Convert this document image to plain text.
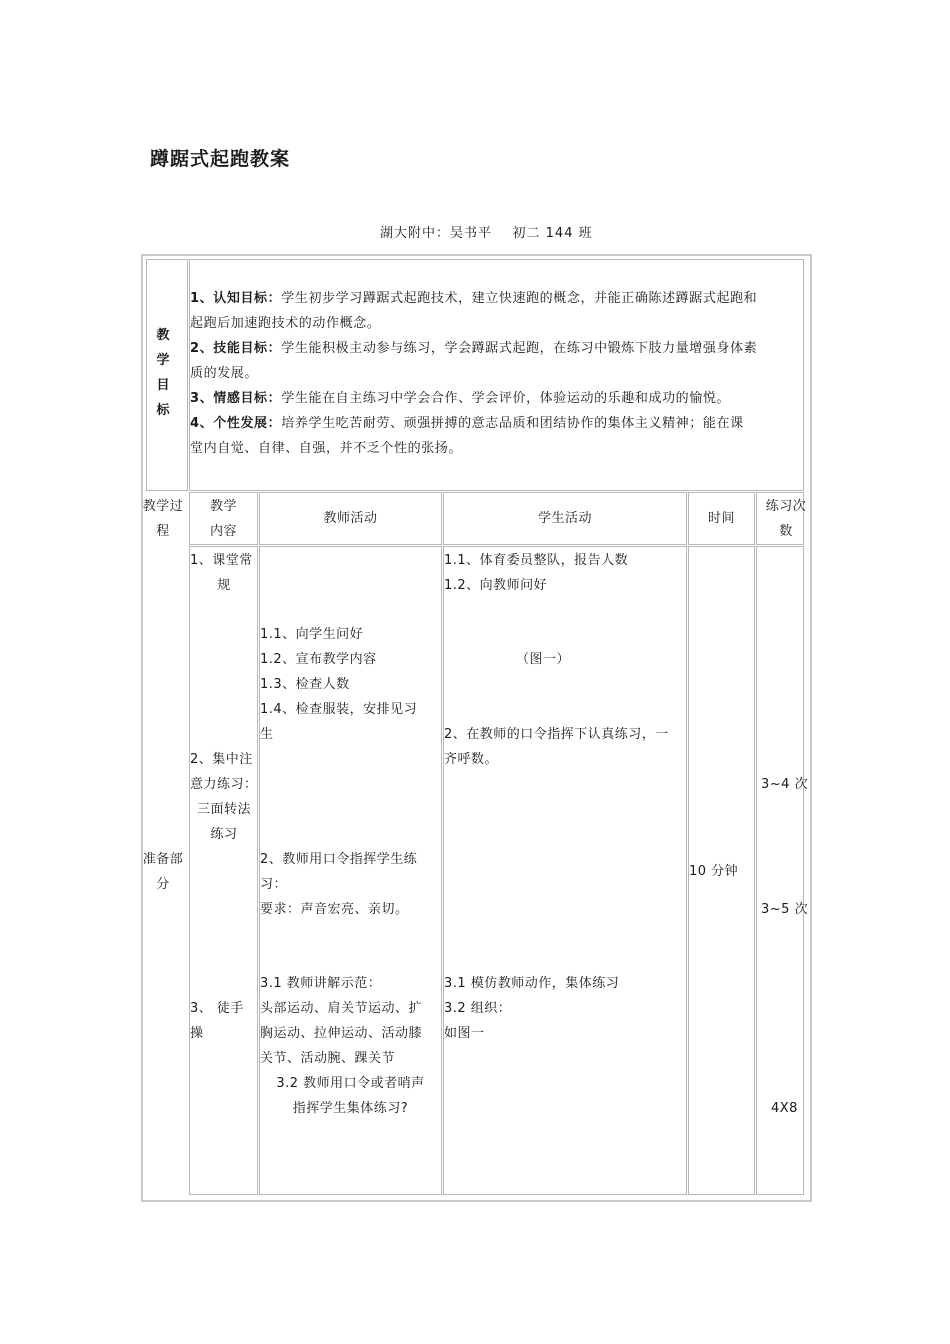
蹲踞式起跑教案
湖大附中：吴书平    初二 144 班
教
学
目
标
1、认知目标：学生初步学习蹲踞式起跑技术，建立快速跑的概念，并能正确陈述蹲踞式起跑和
起跑后加速跑技术的动作概念。
2、技能目标：学生能积极主动参与练习，学会蹲踞式起跑，在练习中锻炼下肢力量增强身体素
质的发展。
3、情感目标：学生能在自主练习中学会合作、学会评价，体验运动的乐趣和成功的愉悦。
4、个性发展：培养学生吃苦耐劳、顽强拼搏的意志品质和团结协作的集体主义精神；能在课
堂内自觉、自律、自强，并不乏个性的张扬。
教学过
程
教学
内容
教师活动	学生活动	时间
练习次
数
准备部
分
1、课堂常
规
2、集中注
意力练习：
三面转法
练习
3、 徒手
操
1.1、向学生问好
1.2、宣布教学内容
1.3、检查人数
1.4、检查服装，安排见习
生
2、教师用口令指挥学生练
习：
要求：声音宏亮、亲切。
3.1 教师讲解示范：
头部运动、肩关节运动、扩
胸运动、拉伸运动、活动膝
关节、活动腕、踝关节
3.2 教师用口令或者哨声
指挥学生集体练习?
1.1、体育委员整队，报告人数
1.2、向教师问好
（图一）
2、在教师的口令指挥下认真练习，一
齐呼数。
3.1 模仿教师动作，集体练习
3.2 组织：
如图一
10 分钟
3~4 次
3~5 次
4X8
